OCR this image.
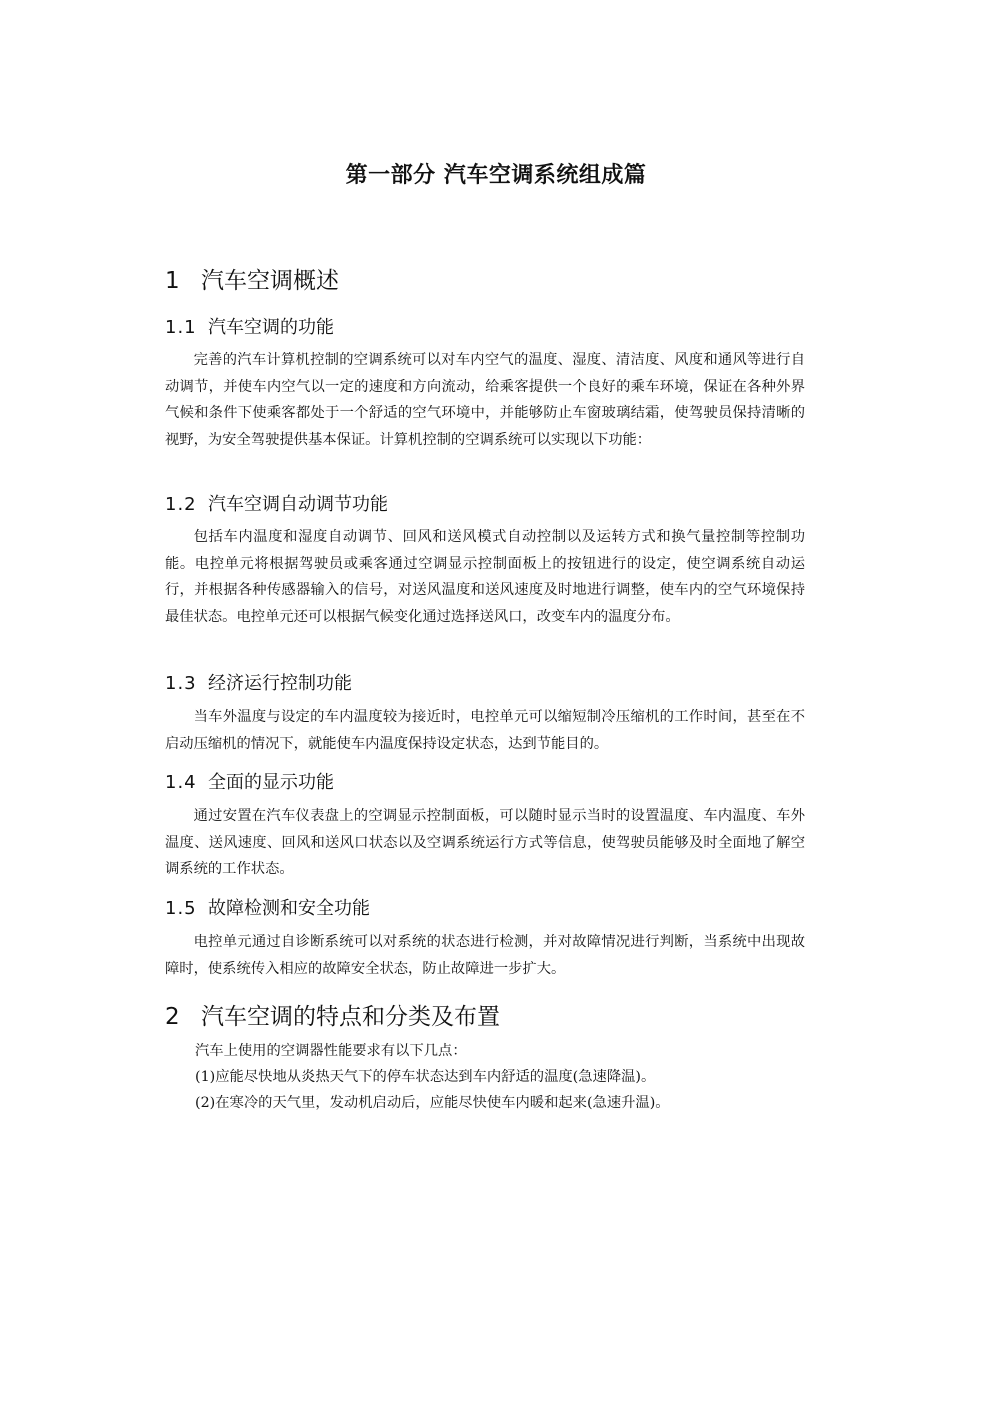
第一部分 汽车空调系统组成篇
1 汽车空调概述
1.1 汽车空调的功能

完善的汽车计算机控制的空调系统可以对车内空气的温度、湿度、清洁度、风度和通风等进行自动调节，并使车内空气以一定的速度和方向流动，给乘客提供一个良好的乘车环境，保证在各种外界气候和条件下使乘客都处于一个舒适的空气环境中，并能够防止车窗玻璃结霜，使驾驶员保持清晰的视野，为安全驾驶提供基本保证。计算机控制的空调系统可以实现以下功能：

1.2 汽车空调自动调节功能

包括车内温度和湿度自动调节、回风和送风模式自动控制以及运转方式和换气量控制等控制功能。电控单元将根据驾驶员或乘客通过空调显示控制面板上的按钮进行的设定，使空调系统自动运行，并根据各种传感器输入的信号，对送风温度和送风速度及时地进行调整，使车内的空气环境保持最佳状态。电控单元还可以根据气候变化通过选择送风口，改变车内的温度分布。

1.3 经济运行控制功能

当车外温度与设定的车内温度较为接近时，电控单元可以缩短制冷压缩机的工作时间，甚至在不启动压缩机的情况下，就能使车内温度保持设定状态，达到节能目的。

1.4 全面的显示功能

通过安置在汽车仪表盘上的空调显示控制面板，可以随时显示当时的设置温度、车内温度、车外温度、送风速度、回风和送风口状态以及空调系统运行方式等信息，使驾驶员能够及时全面地了解空调系统的工作状态。

1.5 故障检测和安全功能

电控单元通过自诊断系统可以对系统的状态进行检测，并对故障情况进行判断，当系统中出现故障时，使系统传入相应的故障安全状态，防止故障进一步扩大。

2 汽车空调的特点和分类及布置
汽车上使用的空调器性能要求有以下几点：
(1)应能尽快地从炎热天气下的停车状态达到车内舒适的温度(急速降温)。
(2)在寒冷的天气里，发动机启动后，应能尽快使车内暖和起来(急速升温)。
